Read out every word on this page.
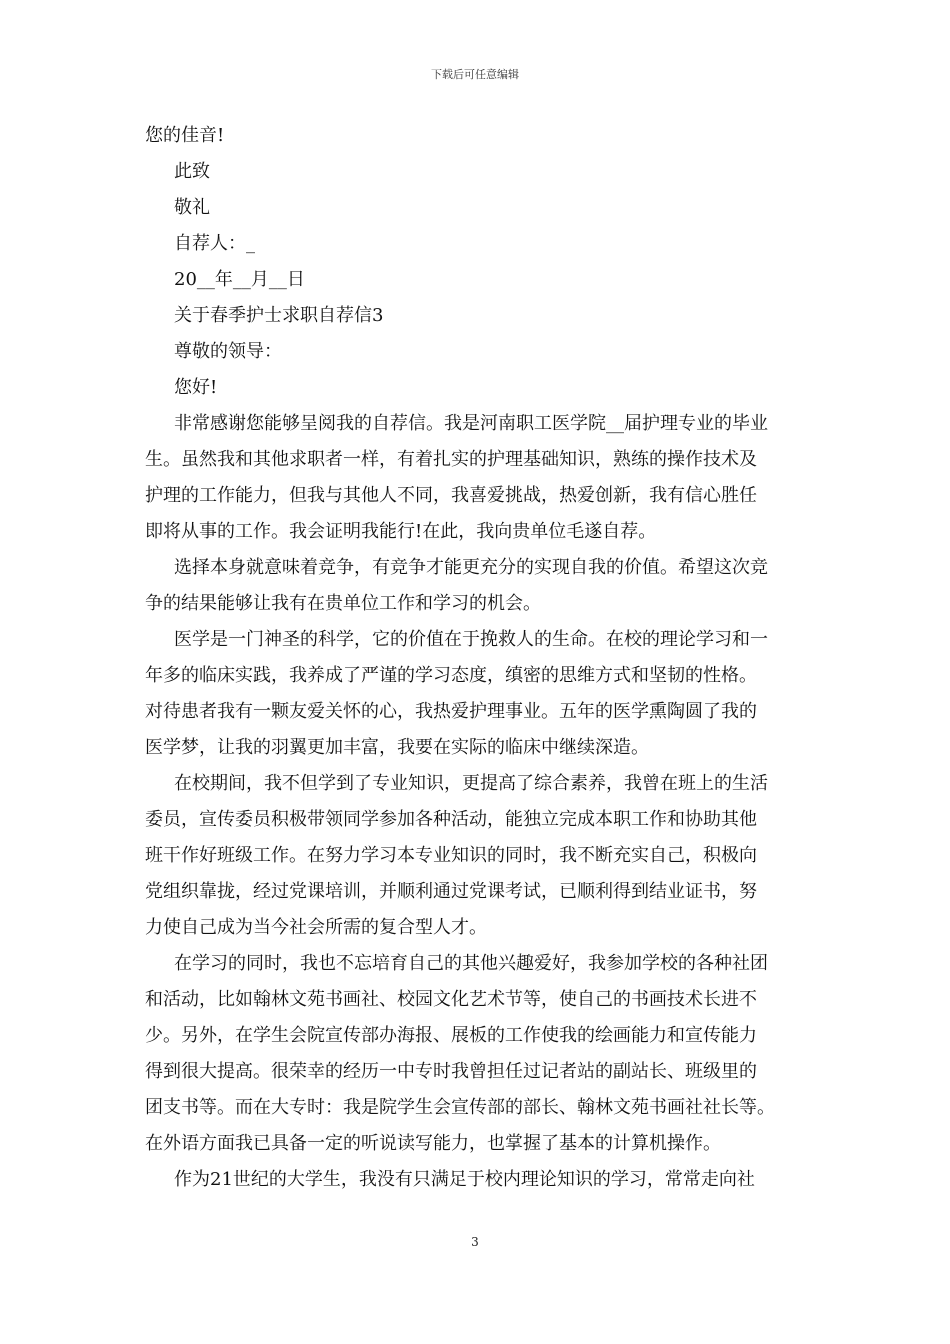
下载后可任意编辑
您的佳音!
此致
敬礼
自荐人：_
20__年__月__日
关于春季护士求职自荐信3
尊敬的领导：
您好!
非常感谢您能够呈阅我的自荐信。我是河南职工医学院__届护理专业的毕业
生。虽然我和其他求职者一样，有着扎实的护理基础知识，熟练的操作技术及
护理的工作能力，但我与其他人不同，我喜爱挑战，热爱创新，我有信心胜任
即将从事的工作。我会证明我能行!在此，我向贵单位毛遂自荐。
选择本身就意味着竞争，有竞争才能更充分的实现自我的价值。希望这次竞
争的结果能够让我有在贵单位工作和学习的机会。
医学是一门神圣的科学，它的价值在于挽救人的生命。在校的理论学习和一
年多的临床实践，我养成了严谨的学习态度，缜密的思维方式和坚韧的性格。
对待患者我有一颗友爱关怀的心，我热爱护理事业。五年的医学熏陶圆了我的
医学梦，让我的羽翼更加丰富，我要在实际的临床中继续深造。
在校期间，我不但学到了专业知识，更提高了综合素养，我曾在班上的生活
委员，宣传委员积极带领同学参加各种活动，能独立完成本职工作和协助其他
班干作好班级工作。在努力学习本专业知识的同时，我不断充实自己，积极向
党组织靠拢，经过党课培训，并顺利通过党课考试，已顺利得到结业证书，努
力使自己成为当今社会所需的复合型人才。
在学习的同时，我也不忘培育自己的其他兴趣爱好，我参加学校的各种社团
和活动，比如翰林文苑书画社、校园文化艺术节等，使自己的书画技术长进不
少。另外，在学生会院宣传部办海报、展板的工作使我的绘画能力和宣传能力
得到很大提高。很荣幸的经历一中专时我曾担任过记者站的副站长、班级里的
团支书等。而在大专时：我是院学生会宣传部的部长、翰林文苑书画社社长等。
在外语方面我已具备一定的听说读写能力，也掌握了基本的计算机操作。
作为21世纪的大学生，我没有只满足于校内理论知识的学习，常常走向社
3
